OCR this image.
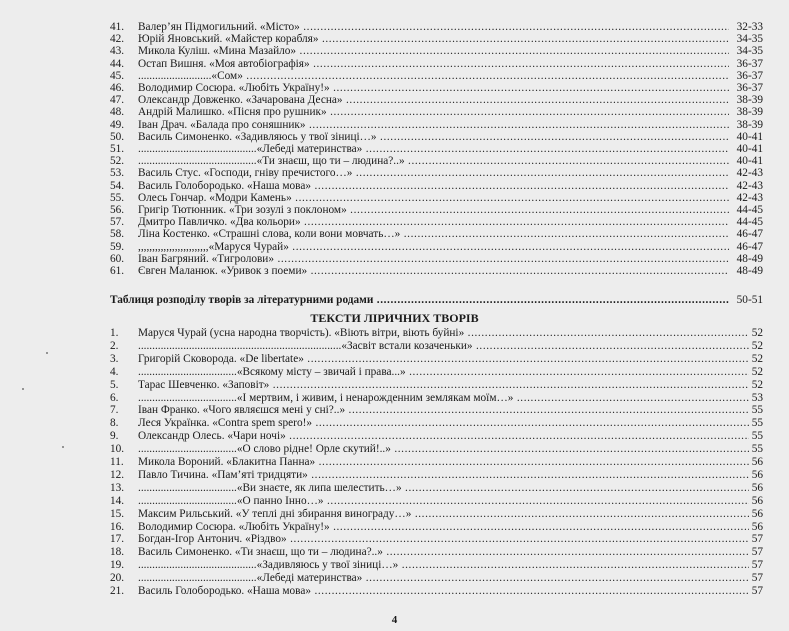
41.	Валер’ян Підмогильний. «Місто» .....	32-33
42.	Юрій Яновський. «Майстер корабля» .....	34-35
43.	Микола Куліш. «Мина Мазайло» .....	34-35
44.	Остап Вишня. «Моя автобіографія» .....	36-37
45.	..........................«Сом» .....	36-37
46.	Володимир Сосюра. «Любіть Україну!» .....	36-37
47.	Олександр Довженко. «Зачарована Десна» .....	38-39
48.	Андрій Малишко. «Пісня про рушник» .....	38-39
49.	Іван Драч. «Балада про соняшник» .....	38-39
50.	Василь Симоненко. «Задивляюсь у твої зіниці…» .....	40-41
51.	..........................................«Лебеді материнства» .....	40-41
52.	..........................................«Ти знаєш, що ти – людина?..» .....	40-41
53.	Василь Стус. «Господи, гніву пречистого…» .....	42-43
54.	Василь Голобородько. «Наша мова» .....	42-43
55.	Олесь Гончар. «Модри Камень» .....	42-43
56.	Григір Тютюнник. «Три зозулі з поклоном» .....	44-45
57.	Дмитро Павличко. «Два кольори» .....	44-45
58.	Ліна Костенко. «Страшні слова, коли вони мовчать…» .....	46-47
59.	,,,,,,,,,,,,,,,,,,,,,,,,,«Маруся Чурай» .....	46-47
60.	Іван Багряний. «Тигролови» .....	48-49
61.	Євген Маланюк. «Уривок з поеми» .....	48-49
Таблиця розподілу творів за літературними родами .....	50-51
ТЕКСТИ ЛІРИЧНИХ ТВОРІВ
1.	Маруся Чурай (усна народна творчість). «Віють вітри, віють буйні» .....	52
2.	........................................................................«Засвіт встали козаченьки» .....	52
3.	Григорій Сковорода. «De libertate» .....	52
4.	...................................«Всякому місту – звичай і права...» .....	52
5.	Тарас Шевченко. «Заповіт» .....	52
6.	...................................«І мертвим, і живим, і ненарожденним землякам моїм…» .....	53
7.	Іван Франко. «Чого являєшся мені у сні?..» .....	55
8.	Леся Українка. «Contra spem spero!» .....	55
9.	Олександр Олесь. «Чари ночі» .....	55
10.	...................................«О слово рідне! Орле скутий!..» .....	55
11.	Микола Вороний. «Блакитна Панна» .....	56
12.	Павло Тичина. «Пам’яті тридцяти» .....	56
13.	...................................«Ви знаєте, як липа шелестить…» .....	56
14.	...................................«О панно Інно…» .....	56
15.	Максим Рильський. «У теплі дні збирання винограду…» .....	56
16.	Володимир Сосюра. «Любіть Україну!» .....	56
17.	Богдан-Ігор Антонич. «Різдво» .....	57
18.	Василь Симоненко. «Ти знаєш, що ти – людина?..» .....	57
19.	..........................................«Задивляюсь у твої зіниці…» .....	57
20.	..........................................«Лебеді материнства» .....	57
21.	Василь Голобородько. «Наша мова» .....	57
4
